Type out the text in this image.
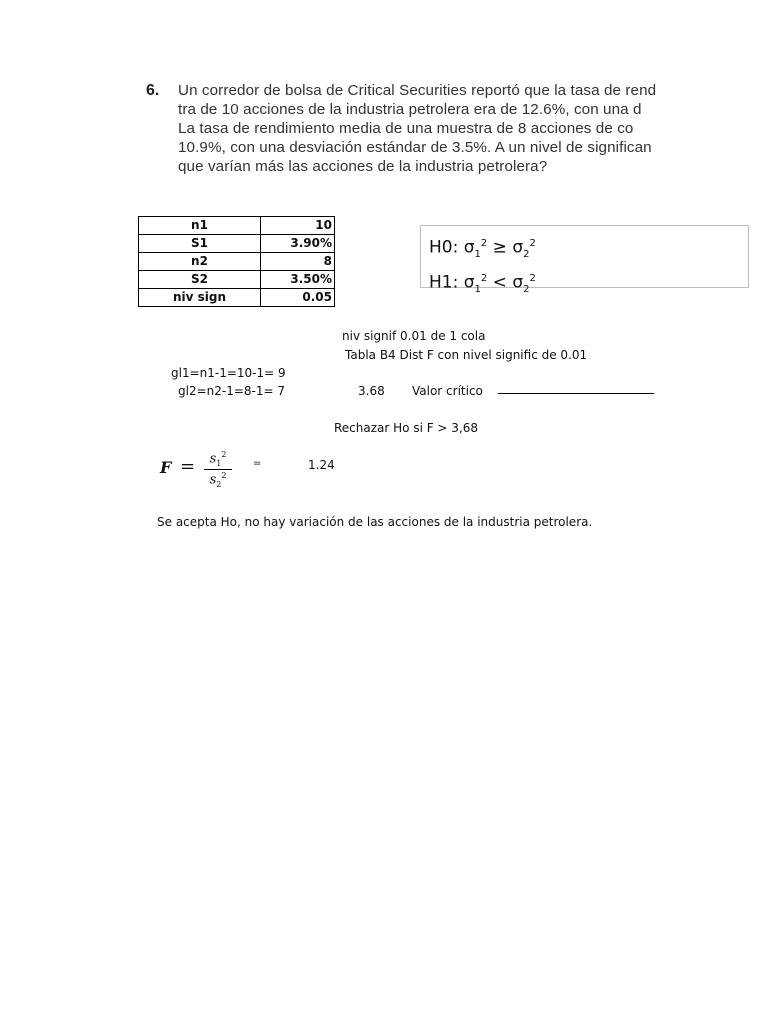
6. Un corredor de bolsa de Critical Securities reportó que la tasa de rend
tra de 10 acciones de la industria petrolera era de 12.6%, con una d
La tasa de rendimiento media de una muestra de 8 acciones de co
10.9%, con una desviación estándar de 3.5%. A un nivel de significan
que varían más las acciones de la industria petrolera?
n1	10
S1	3.90%
n2	8
S2	3.50%
niv sign	0.05
H0: $\sigma_1^2 \ge \sigma_2^2$
H1: $\sigma_1^2 < \sigma_2^2$
niv signif 0.01 de 1 cola
Tabla B4 Dist F con nivel signific de 0.01
gl1=n1-1=10-1= 9
gl2=n2-1=8-1= 7	3.68 Valor crítico
Rechazar Ho si F > 3,68
F =	$s_1^2$
$s_2^2$
=	1.24
Se acepta Ho, no hay variación de las acciones de la industria petrolera.
